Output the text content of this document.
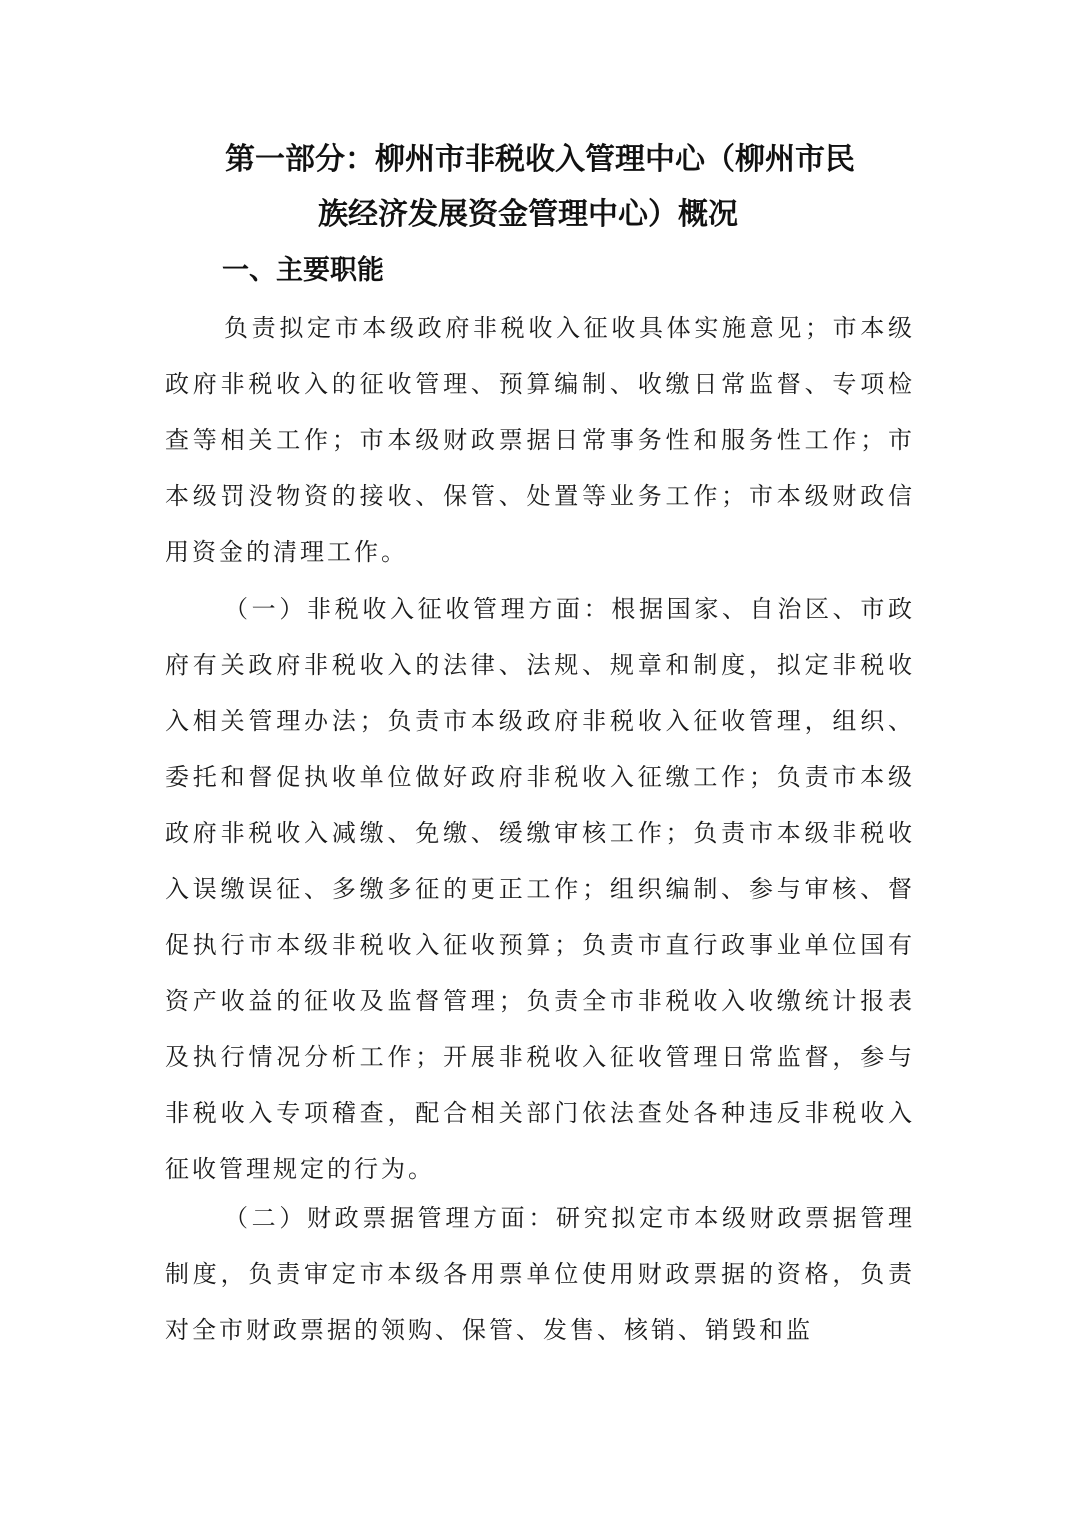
第一部分：柳州市非税收入管理中心（柳州市民
族经济发展资金管理中心）概况
一、主要职能

负责拟定市本级政府非税收入征收具体实施意见；市本级政府非税收入的征收管理、预算编制、收缴日常监督、专项检查等相关工作；市本级财政票据日常事务性和服务性工作；市本级罚没物资的接收、保管、处置等业务工作；市本级财政信用资金的清理工作。

（一）非税收入征收管理方面：根据国家、自治区、市政府有关政府非税收入的法律、法规、规章和制度，拟定非税收入相关管理办法；负责市本级政府非税收入征收管理，组织、委托和督促执收单位做好政府非税收入征缴工作；负责市本级政府非税收入减缴、免缴、缓缴审核工作；负责市本级非税收入误缴误征、多缴多征的更正工作；组织编制、参与审核、督促执行市本级非税收入征收预算；负责市直行政事业单位国有资产收益的征收及监督管理；负责全市非税收入收缴统计报表及执行情况分析工作；开展非税收入征收管理日常监督，参与非税收入专项稽查，配合相关部门依法查处各种违反非税收入征收管理规定的行为。

（二）财政票据管理方面：研究拟定市本级财政票据管理制度，负责审定市本级各用票单位使用财政票据的资格，负责对全市财政票据的领购、保管、发售、核销、销毁和监
